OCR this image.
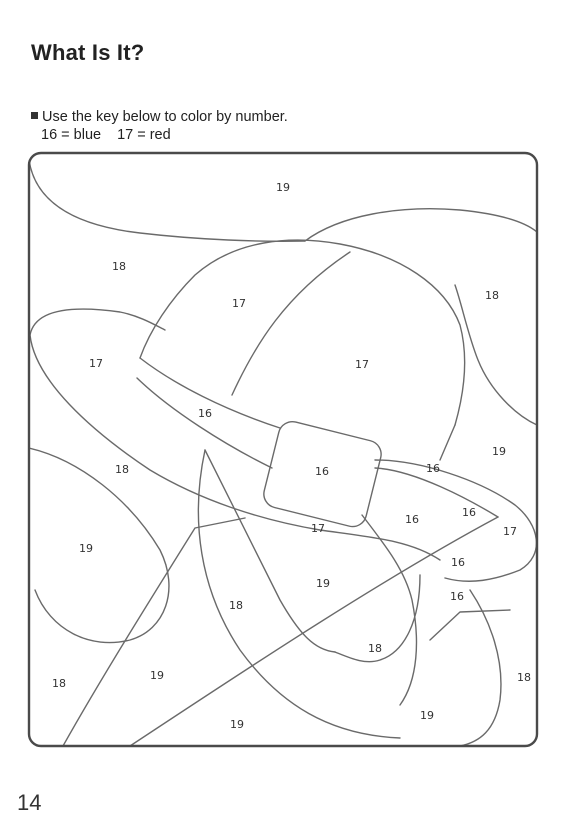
What Is It?
Use the key below to color by number.
16 = blue 17 = red
19
18
17
18
17	17
16
18	16	16
19
16
16
17	17
19
19
16
18
16
18
18
19	18
19
19
14
